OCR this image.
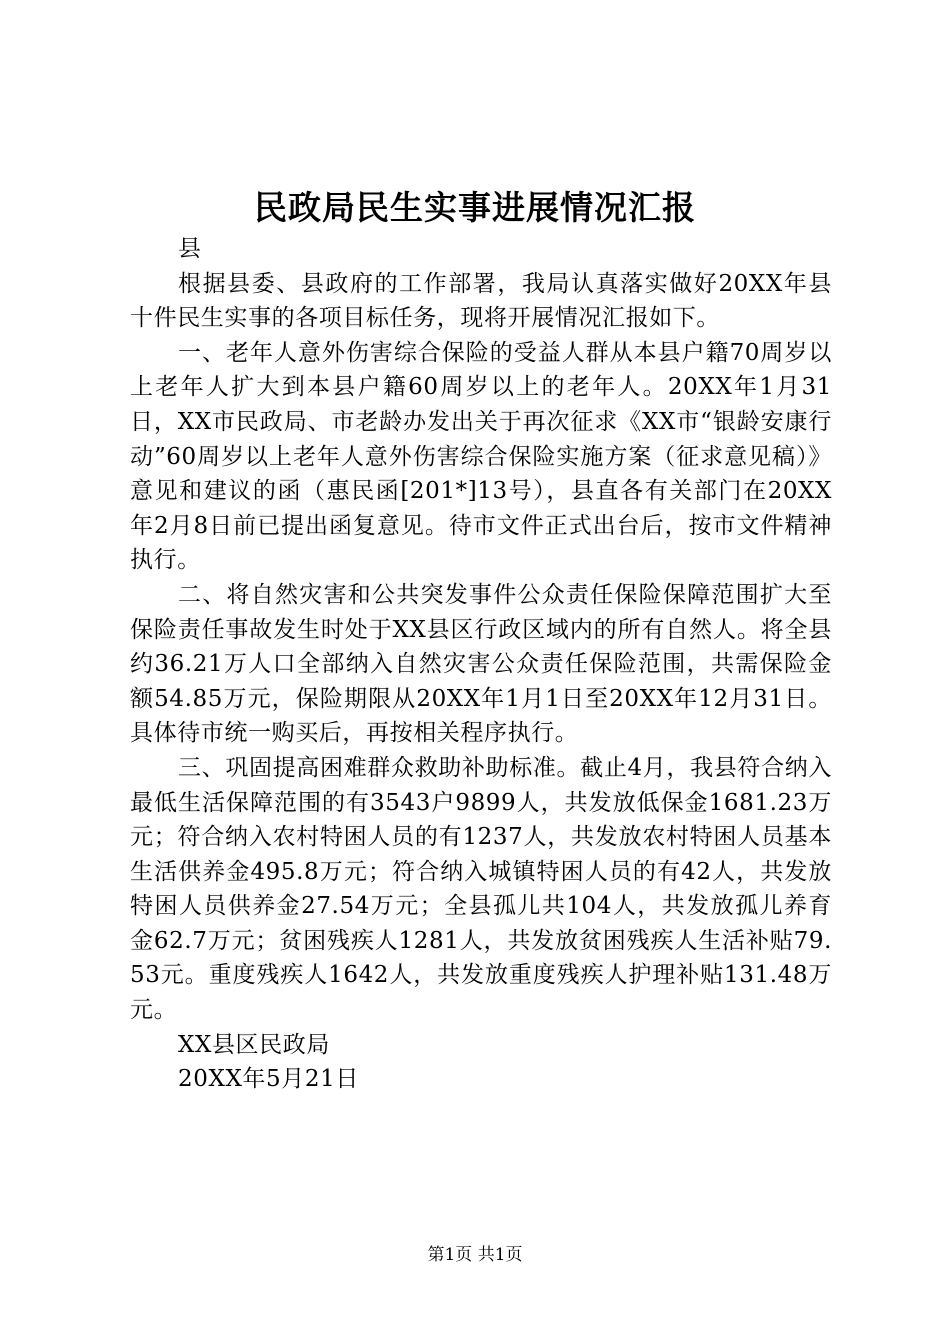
民政局民生实事进展情况汇报

县

根据县委、县政府的工作部署，我局认真落实做好20XX年县十件民生实事的各项目标任务，现将开展情况汇报如下。

一、老年人意外伤害综合保险的受益人群从本县户籍70周岁以上老年人扩大到本县户籍60周岁以上的老年人。20XX年1月31日，XX市民政局、市老龄办发出关于再次征求《XX市“银龄安康行动”60周岁以上老年人意外伤害综合保险实施方案（征求意见稿）》意见和建议的函（惠民函[201*]13号），县直各有关部门在20XX年2月8日前已提出函复意见。待市文件正式出台后，按市文件精神执行。

二、将自然灾害和公共突发事件公众责任保险保障范围扩大至保险责任事故发生时处于XX县区行政区域内的所有自然人。将全县约36.21万人口全部纳入自然灾害公众责任保险范围，共需保险金额54.85万元，保险期限从20XX年1月1日至20XX年12月31日。具体待市统一购买后，再按相关程序执行。

三、巩固提高困难群众救助补助标准。截止4月，我县符合纳入最低生活保障范围的有3543户9899人，共发放低保金1681.23万元；符合纳入农村特困人员的有1237人，共发放农村特困人员基本生活供养金495.8万元；符合纳入城镇特困人员的有42人，共发放特困人员供养金27.54万元；全县孤儿共104人，共发放孤儿养育金62.7万元；贫困残疾人1281人，共发放贫困残疾人生活补贴79.53元。重度残疾人1642人，共发放重度残疾人护理补贴131.48万元。

XX县区民政局

20XX年5月21日

第1页 共1页
